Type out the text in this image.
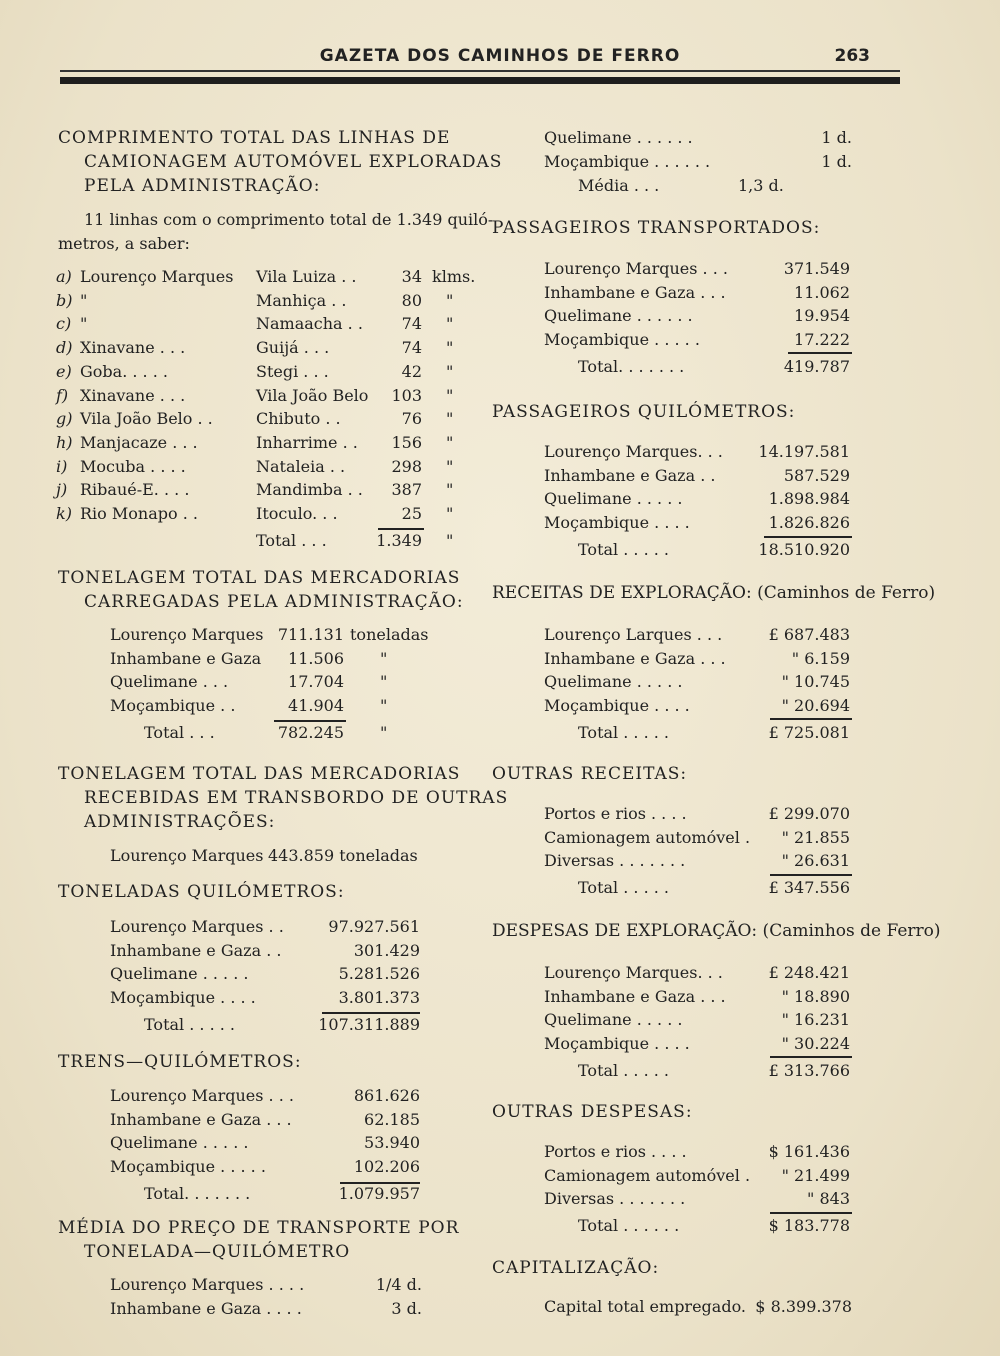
GAZETA DOS CAMINHOS DE FERRO	263
COMPRIMENTO TOTAL DAS LINHAS DE
CAMIONAGEM AUTOMÓVEL EXPLORADAS
PELA ADMINISTRAÇÃO:
11 linhas com o comprimento total de 1.349 quiló-
metros, a saber:
a) Lourenço Marques Vila Luiza . .	34 klms.
b) "	Manhiça . .	80 "
c) "	Namaacha . .	74 "
d) Xinavane . . .	Guijá . . .	74 "
e) Goba. . . . .	Stegi . . .	42 "
f) Xinavane . . .	Vila João Belo	103 "
g) Vila João Belo . .	Chibuto . .	76 "
h) Manjacaze . . .	Inharrime . .	156 "
i) Mocuba . . . .	Nataleia . .	298 "
j) Ribaué-E. . . .	Mandimba . .	387 "
k) Rio Monapo . .	Itoculo. . .	25 "
Total . . .	1.349 "
TONELAGEM TOTAL DAS MERCADORIAS
CARREGADAS PELA ADMINISTRAÇÃO:
Lourenço Marques 711.131 toneladas
Inhambane e Gaza	11.506 "
Quelimane . . .	17.704 "
Moçambique . .	41.904 "
Total . . .	782.245 "
TONELAGEM TOTAL DAS MERCADORIAS
RECEBIDAS EM TRANSBORDO DE OUTRAS
ADMINISTRAÇÕES:
Lourenço Marques 443.859 toneladas
TONELADAS QUILÓMETROS:
Lourenço Marques . .	97.927.561
Inhambane e Gaza . .	301.429
Quelimane . . . . .	5.281.526
Moçambique . . . .	3.801.373
Total . . . . .	107.311.889
TRENS—QUILÓMETROS:
Lourenço Marques . . .	861.626
Inhambane e Gaza . . .	62.185
Quelimane . . . . .	53.940
Moçambique . . . . .	102.206
Total. . . . . . .	1.079.957
MÉDIA DO PREÇO DE TRANSPORTE POR
TONELADA—QUILÓMETRO
Lourenço Marques . . . .	1/4 d.
Inhambane e Gaza . . . .	3 d.
Quelimane . . . . . .	1 d.
Moçambique . . . . . .	1 d.
Média . . .	1,3 d.
PASSAGEIROS TRANSPORTADOS:
Lourenço Marques . . .	371.549
Inhambane e Gaza . . .	11.062
Quelimane . . . . . .	19.954
Moçambique . . . . .	17.222
Total. . . . . . .	419.787
PASSAGEIROS QUILÓMETROS:
Lourenço Marques. . .	14.197.581
Inhambane e Gaza . .	587.529
Quelimane . . . . .	1.898.984
Moçambique . . . .	1.826.826
Total . . . . .	18.510.920
RECEITAS DE EXPLORAÇÃO: (Caminhos de Ferro)
Lourenço Larques . . .	£ 687.483
Inhambane e Gaza . . .	" 6.159
Quelimane . . . . .	" 10.745
Moçambique . . . .	" 20.694
Total . . . . .	£ 725.081
OUTRAS RECEITAS:
Portos e rios . . . .	£ 299.070
Camionagem automóvel .	" 21.855
Diversas . . . . . . .	" 26.631
Total . . . . .	£ 347.556
DESPESAS DE EXPLORAÇÃO: (Caminhos de Ferro)
Lourenço Marques. . .	£ 248.421
Inhambane e Gaza . . .	" 18.890
Quelimane . . . . .	" 16.231
Moçambique . . . .	" 30.224
Total . . . . .	£ 313.766
OUTRAS DESPESAS:
Portos e rios . . . .	$ 161.436
Camionagem automóvel .	" 21.499
Diversas . . . . . . .	" 843
Total . . . . . .	$ 183.778
CAPITALIZAÇÃO:
Capital total empregado. $ 8.399.378
